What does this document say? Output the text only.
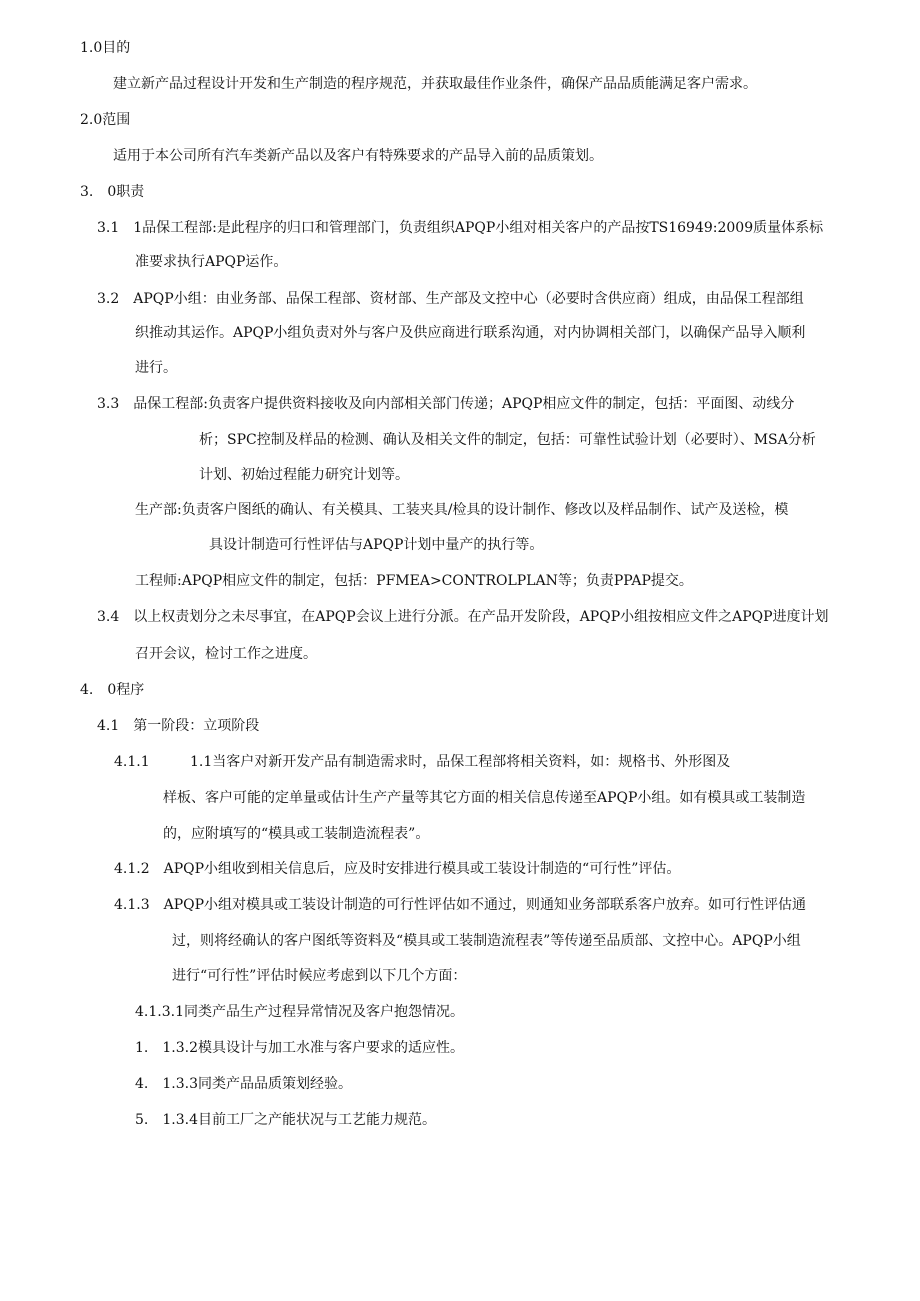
1.0目的
建立新产品过程设计开发和生产制造的程序规范，并获取最佳作业条件，确保产品品质能满足客户需求。
2.0范围
适用于本公司所有汽车类新产品以及客户有特殊要求的产品导入前的品质策划。
3.　0职责
3.1　1品保工程部:是此程序的归口和管理部门，负责组织APQP小组对相关客户的产品按TS16949:2009质量体系标
准要求执行APQP运作。
3.2　APQP小组：由业务部、品保工程部、资材部、生产部及文控中心（必要时含供应商）组成，由品保工程部组
织推动其运作。APQP小组负责对外与客户及供应商进行联系沟通，对内协调相关部门，以确保产品导入顺利
进行。
3.3　品保工程部:负责客户提供资料接收及向内部相关部门传递；APQP相应文件的制定，包括：平面图、动线分
析；SPC控制及样品的检测、确认及相关文件的制定，包括：可靠性试验计划（必要时）、MSA分析
计划、初始过程能力研究计划等。
生产部:负责客户图纸的确认、有关模具、工装夹具/检具的设计制作、修改以及样品制作、试产及送检，模
具设计制造可行性评估与APQP计划中量产的执行等。
工程师:APQP相应文件的制定，包括：PFMEA>CONTROLPLAN等；负责PPAP提交。
3.4　以上权责划分之未尽事宜，在APQP会议上进行分派。在产品开发阶段，APQP小组按相应文件之APQP进度计划
召开会议，检讨工作之进度。
4.　0程序
4.1　第一阶段：立项阶段
4.1.1	1.1当客户对新开发产品有制造需求时，品保工程部将相关资料，如：规格书、外形图及
样板、客户可能的定单量或估计生产产量等其它方面的相关信息传递至APQP小组。如有模具或工装制造
的，应附填写的“模具或工装制造流程表”。
4.1.2　APQP小组收到相关信息后，应及时安排进行模具或工装设计制造的“可行性”评估。
4.1.3　APQP小组对模具或工装设计制造的可行性评估如不通过，则通知业务部联系客户放弃。如可行性评估通
过，则将经确认的客户图纸等资料及“模具或工装制造流程表”等传递至品质部、文控中心。APQP小组
进行“可行性”评估时候应考虑到以下几个方面：
4.1.3.1同类产品生产过程异常情况及客户抱怨情况。
1.　1.3.2模具设计与加工水准与客户要求的适应性。
4.　1.3.3同类产品品质策划经验。
5.　1.3.4目前工厂之产能状况与工艺能力规范。
